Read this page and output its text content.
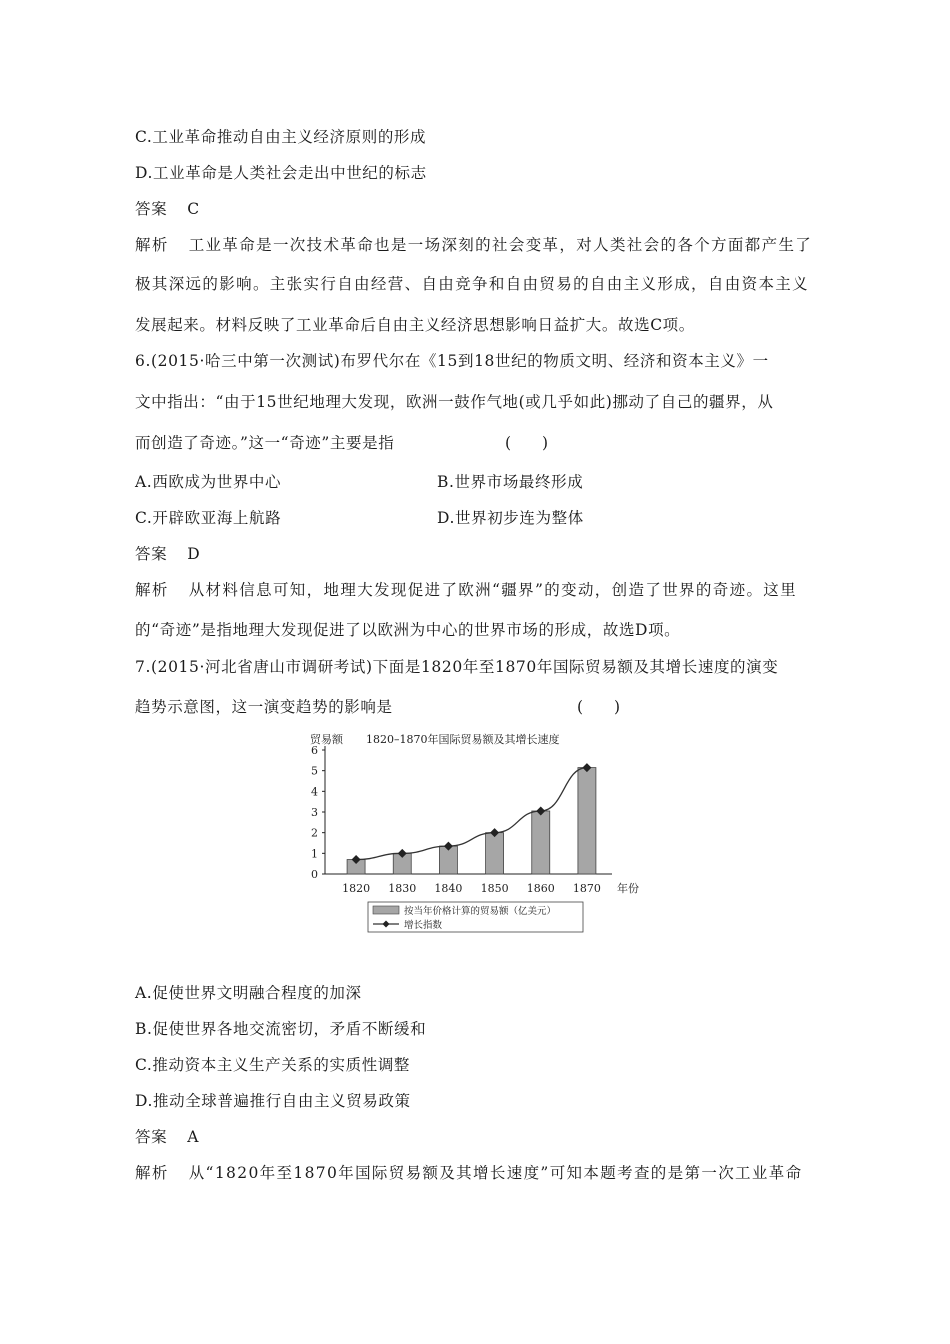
C.工业革命推动自由主义经济原则的形成
D.工业革命是人类社会走出中世纪的标志
答案 C
解析 工业革命是一次技术革命也是一场深刻的社会变革，对人类社会的各个方面都产生了
极其深远的影响。主张实行自由经营、自由竞争和自由贸易的自由主义形成，自由资本主义
发展起来。材料反映了工业革命后自由主义经济思想影响日益扩大。故选C项。
6.(2015·哈三中第一次测试)布罗代尔在《15到18世纪的物质文明、经济和资本主义》一
文中指出：“由于15世纪地理大发现，欧洲一鼓作气地(或几乎如此)挪动了自己的疆界，从
而创造了奇迹。”这一“奇迹”主要是指	(　　)
A.西欧成为世界中心	B.世界市场最终形成
C.开辟欧亚海上航路	D.世界初步连为整体
答案 D
解析 从材料信息可知，地理大发现促进了欧洲“疆界”的变动，创造了世界的奇迹。这里
的“奇迹”是指地理大发现促进了以欧洲为中心的世界市场的形成，故选D项。
7.(2015·河北省唐山市调研考试)下面是1820年至1870年国际贸易额及其增长速度的演变
趋势示意图，这一演变趋势的影响是	(　　)
贸易额 1820–1870年国际贸易额及其增长速度
0
1
2
3
4
5
6
1820 1830 1840 1850 1860 1870 年份
按当年价格计算的贸易额（亿美元）
增长指数
A.促使世界文明融合程度的加深
B.促使世界各地交流密切，矛盾不断缓和
C.推动资本主义生产关系的实质性调整
D.推动全球普遍推行自由主义贸易政策
答案 A
解析 从“1820年至1870年国际贸易额及其增长速度”可知本题考查的是第一次工业革命
